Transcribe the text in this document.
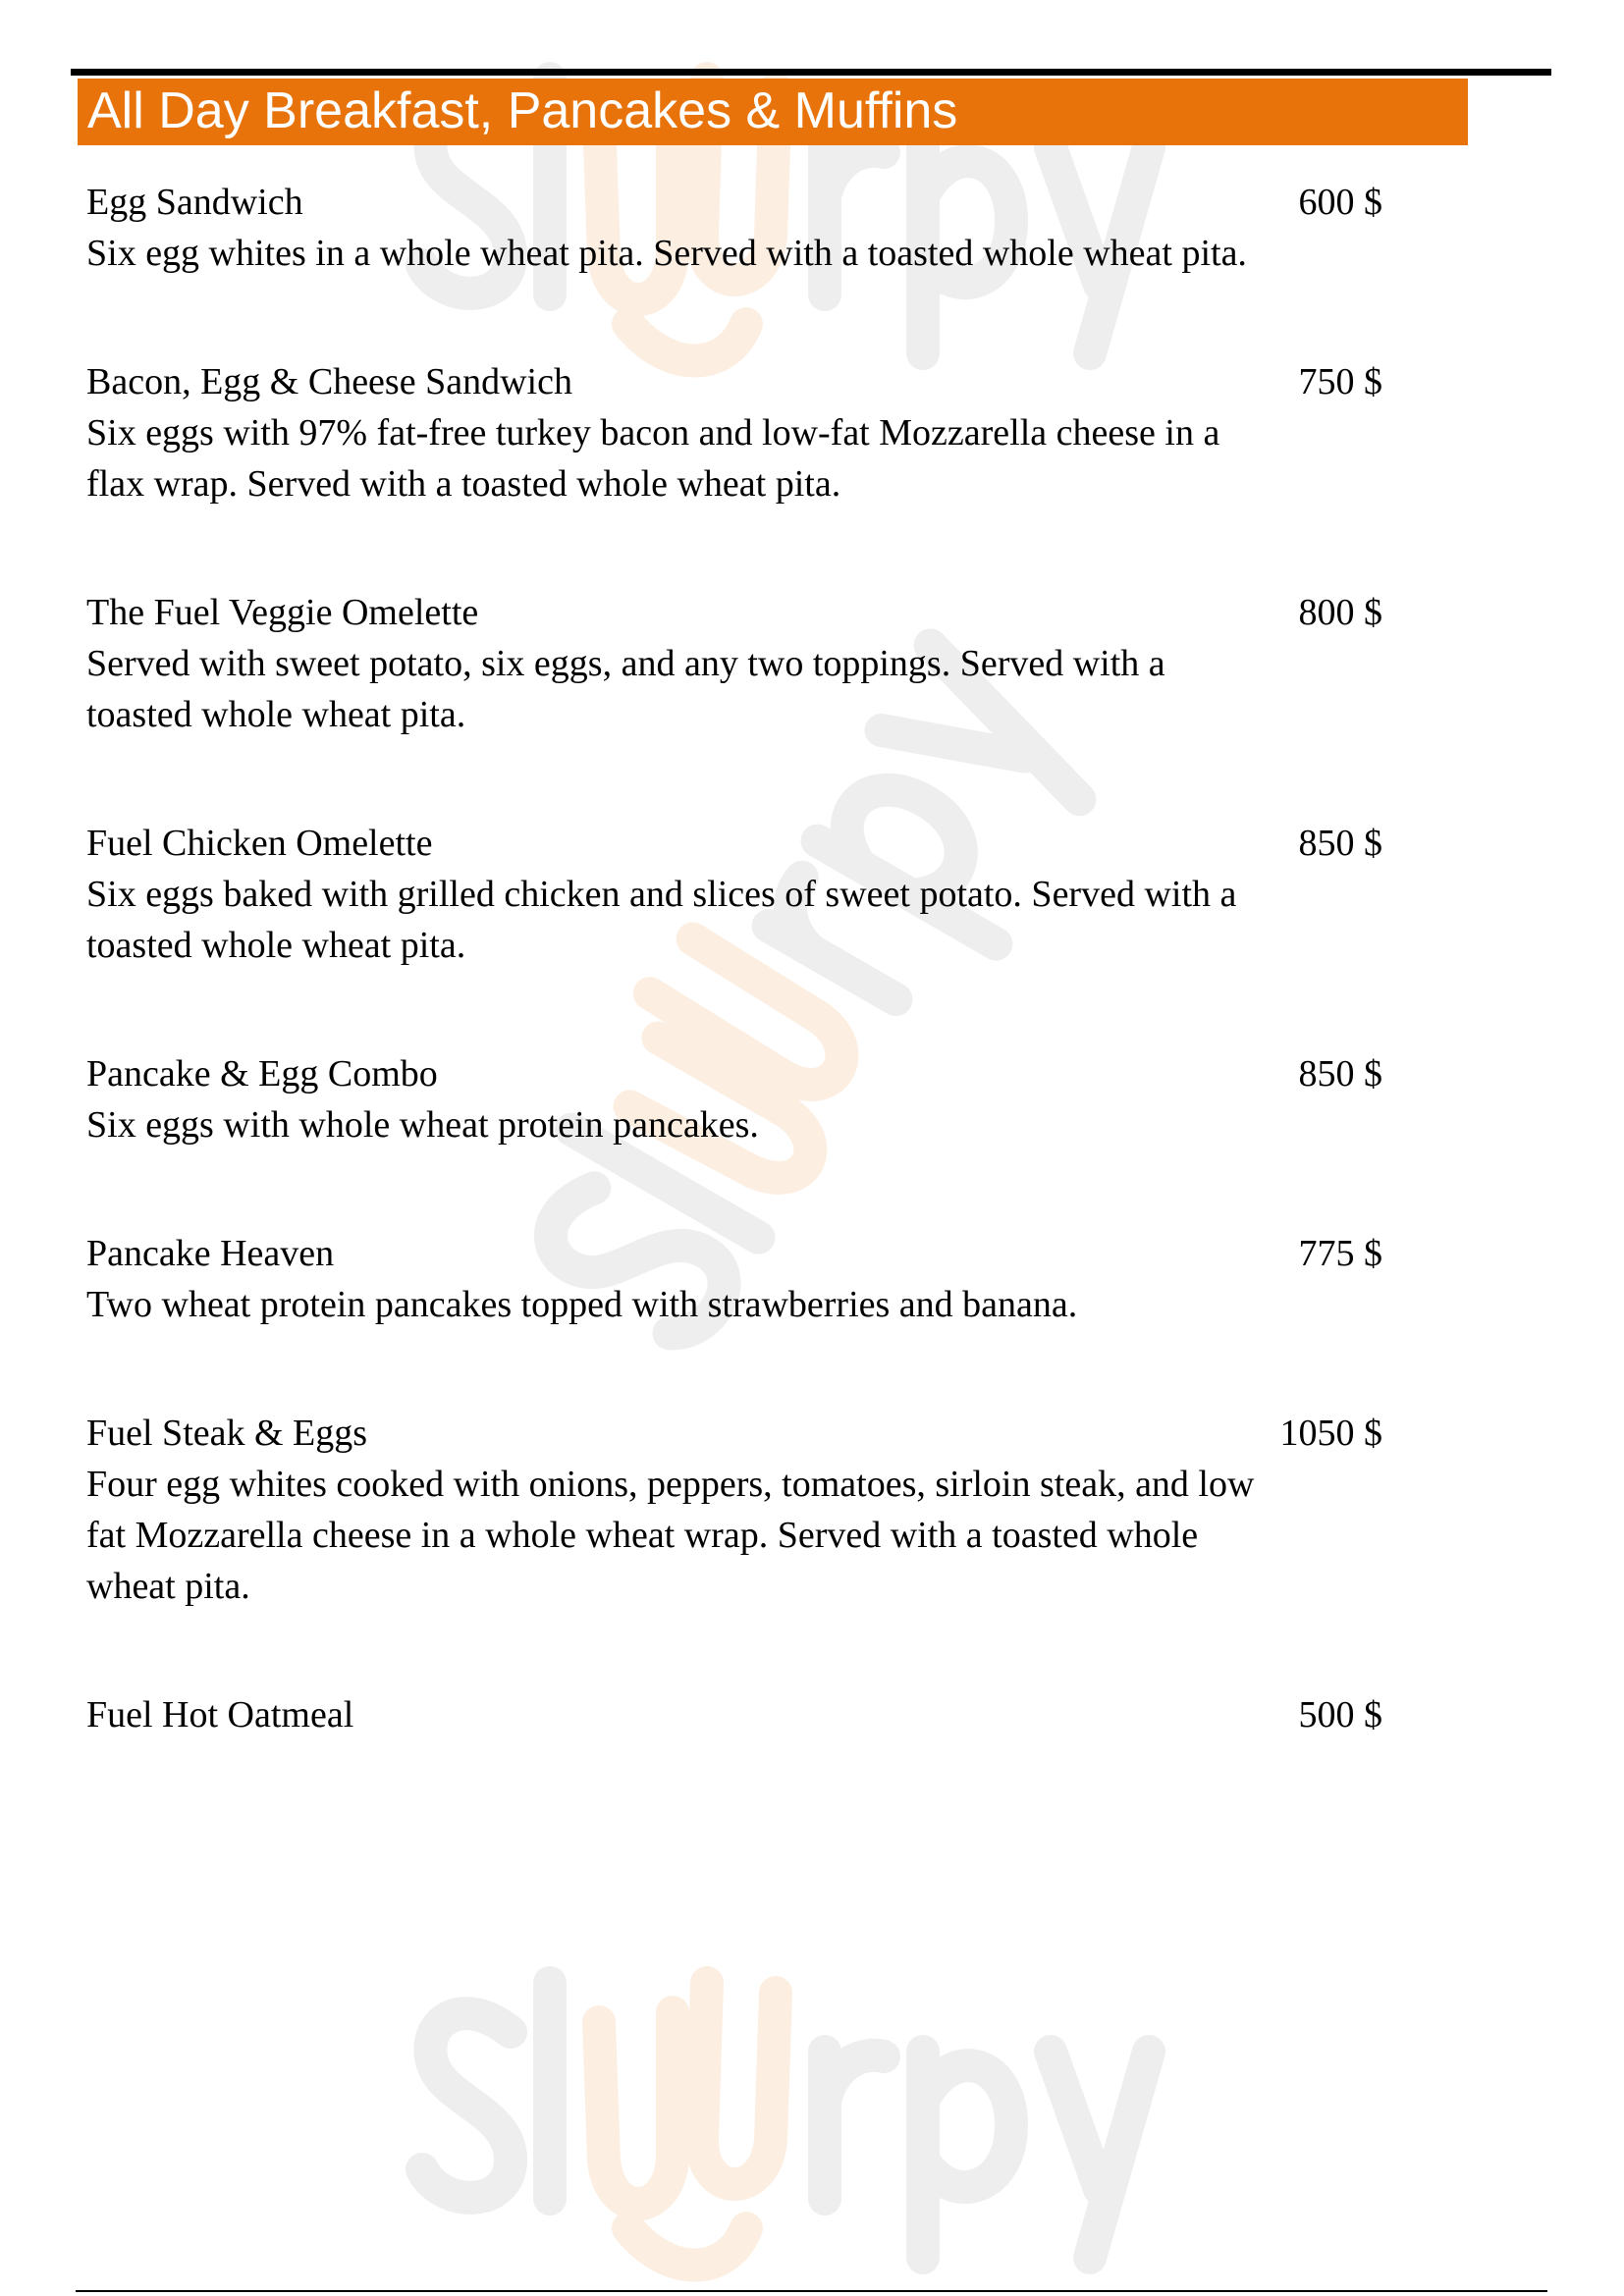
All Day Breakfast, Pancakes & Muffins
Egg Sandwich	600 $
Six egg whites in a whole wheat pita. Served with a toasted whole wheat pita.
Bacon, Egg & Cheese Sandwich	750 $
Six eggs with 97% fat-free turkey bacon and low-fat Mozzarella cheese in a flax wrap. Served with a toasted whole wheat pita.
The Fuel Veggie Omelette	800 $
Served with sweet potato, six eggs, and any two toppings. Served with a toasted whole wheat pita.
Fuel Chicken Omelette	850 $
Six eggs baked with grilled chicken and slices of sweet potato. Served with a toasted whole wheat pita.
Pancake & Egg Combo	850 $
Six eggs with whole wheat protein pancakes.
Pancake Heaven	775 $
Two wheat protein pancakes topped with strawberries and banana.
Fuel Steak & Eggs	1050 $
Four egg whites cooked with onions, peppers, tomatoes, sirloin steak, and low fat Mozzarella cheese in a whole wheat wrap. Served with a toasted whole wheat pita.
Fuel Hot Oatmeal	500 $
